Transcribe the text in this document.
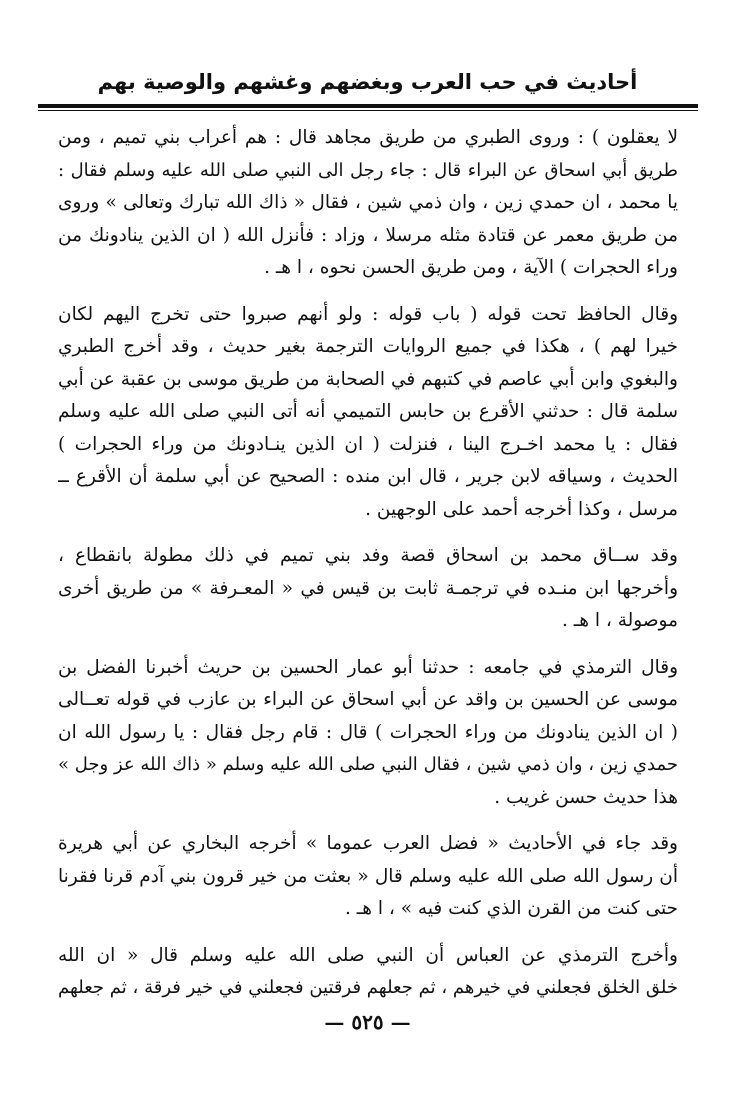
أحاديث في حب العرب وبغضهم وغشهم والوصية بهم
لا يعقلون ) : وروى الطبري من طريق مجاهد قال : هم أعراب بني تميم ، ومن
طريق أبي اسحاق عن البراء قال : جاء رجل الى النبي صلى الله عليه وسلم فقال :
يا محمد ، ان حمدي زين ، وان ذمي شين ، فقال « ذاك الله تبارك وتعالى » وروى
من طريق معمر عن قتادة مثله مرسلا ، وزاد : فأنزل الله ( ان الذين ينادونك من
وراء الحجرات ) الآية ، ومن طريق الحسن نحوه ، ا هـ .
وقال الحافظ تحت قوله ( باب قوله : ولو أنهم صبروا حتى تخرج اليهم لكان
خيرا لهم ) ، هكذا في جميع الروايات الترجمة بغير حديث ، وقد أخرج الطبري
والبغوي وابن أبي عاصم في كتبهم في الصحابة من طريق موسى بن عقبة عن أبي
سلمة قال : حدثني الأقرع بن حابس التميمي أنه أتى النبي صلى الله عليه وسلم
فقال : يا محمد اخـرج الينا ، فنزلت ( ان الذين ينـادونك من وراء الحجرات )
الحديث ، وسياقه لابن جرير ، قال ابن منده : الصحيح عن أبي سلمة أن الأقرع ــ
مرسل ، وكذا أخرجه أحمد على الوجهين .
وقد ســاق محمد بن اسحاق قصة وفد بني تميم في ذلك مطولة بانقطاع ،
وأخرجها ابن منـده في ترجمـة ثابت بن قيس في « المعـرفة » من طريق أخرى
موصولة ، ا هـ .
وقال الترمذي في جامعه : حدثنا أبو عمار الحسين بن حريث أخبرنا الفضل بن
موسى عن الحسين بن واقد عن أبي اسحاق عن البراء بن عازب في قوله تعــالى
( ان الذين ينادونك من وراء الحجرات ) قال : قام رجل فقال : يا رسول الله ان
حمدي زين ، وان ذمي شين ، فقال النبي صلى الله عليه وسلم « ذاك الله عز وجل »
هذا حديث حسن غريب .
وقد جاء في الأحاديث « فضل العرب عموما » أخرجه البخاري عن أبي هريرة
أن رسول الله صلى الله عليه وسلم قال « بعثت من خير قرون بني آدم قرنا فقرنا
حتى كنت من القرن الذي كنت فيه » ، ا هـ .
وأخرج الترمذي عن العباس أن النبي صلى الله عليه وسلم قال « ان الله
خلق الخلق فجعلني في خيرهم ، ثم جعلهم فرقتين فجعلني في خير فرقة ، ثم جعلهم
— ٥٢٥ —
